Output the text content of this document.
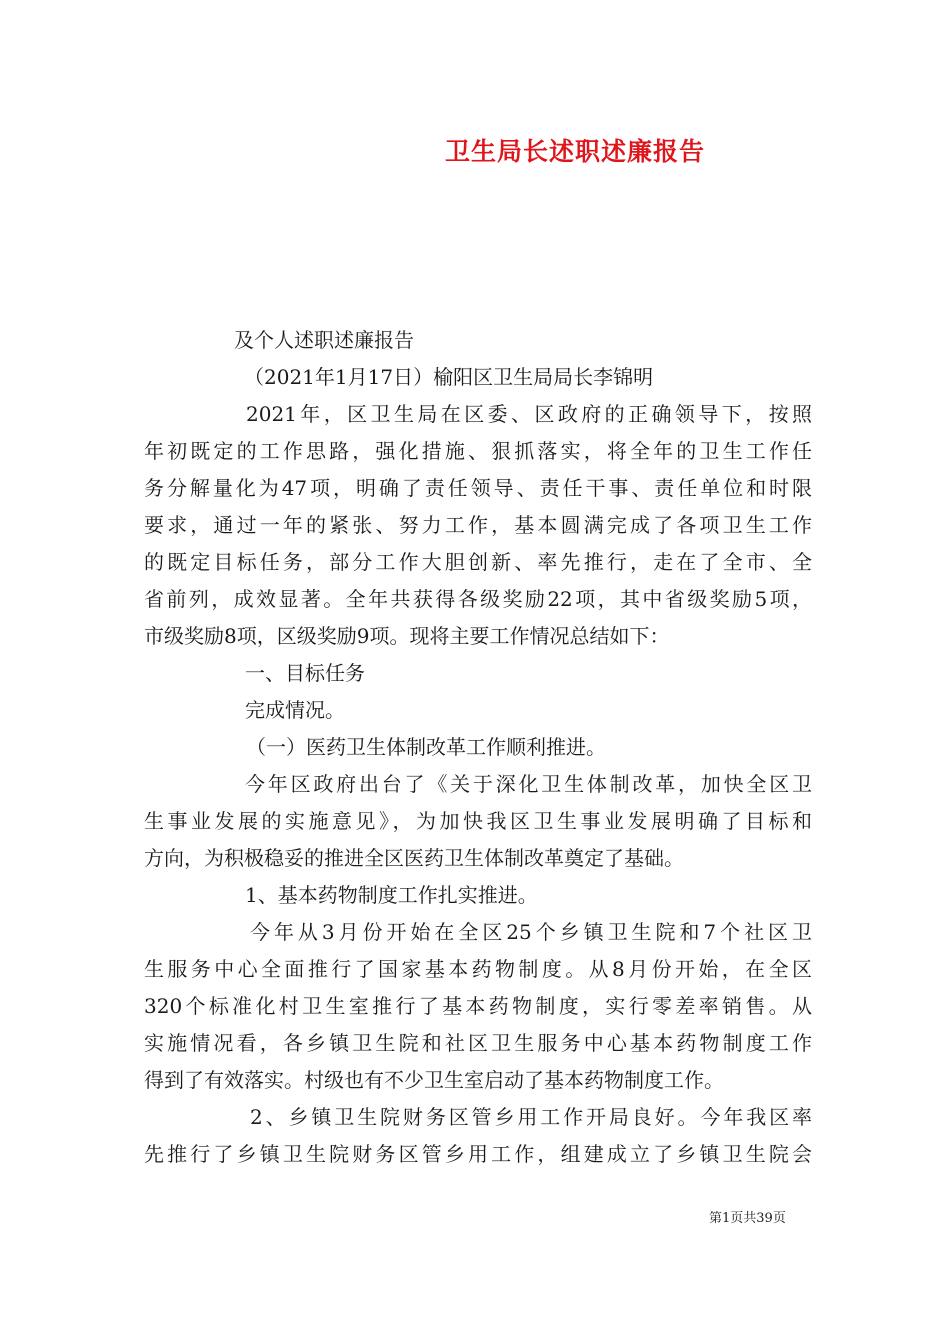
卫生局长述职述廉报告
及个人述职述廉报告
（2021年1月17日）榆阳区卫生局局长李锦明
2021年，区卫生局在区委、区政府的正确领导下，按照
年初既定的工作思路，强化措施、狠抓落实，将全年的卫生工作任
务分解量化为47项，明确了责任领导、责任干事、责任单位和时限
要求，通过一年的紧张、努力工作，基本圆满完成了各项卫生工作
的既定目标任务，部分工作大胆创新、率先推行，走在了全市、全
省前列，成效显著。全年共获得各级奖励22项，其中省级奖励5项，
市级奖励8项，区级奖励9项。现将主要工作情况总结如下：
一、目标任务
完成情况。
（一）医药卫生体制改革工作顺利推进。
今年区政府出台了《关于深化卫生体制改革，加快全区卫
生事业发展的实施意见》，为加快我区卫生事业发展明确了目标和
方向，为积极稳妥的推进全区医药卫生体制改革奠定了基础。
1、基本药物制度工作扎实推进。
今年从3月份开始在全区25个乡镇卫生院和7个社区卫
生服务中心全面推行了国家基本药物制度。从8月份开始，在全区
320个标准化村卫生室推行了基本药物制度，实行零差率销售。从
实施情况看，各乡镇卫生院和社区卫生服务中心基本药物制度工作
得到了有效落实。村级也有不少卫生室启动了基本药物制度工作。
2、乡镇卫生院财务区管乡用工作开局良好。今年我区率
先推行了乡镇卫生院财务区管乡用工作，组建成立了乡镇卫生院会
第1页共39页
